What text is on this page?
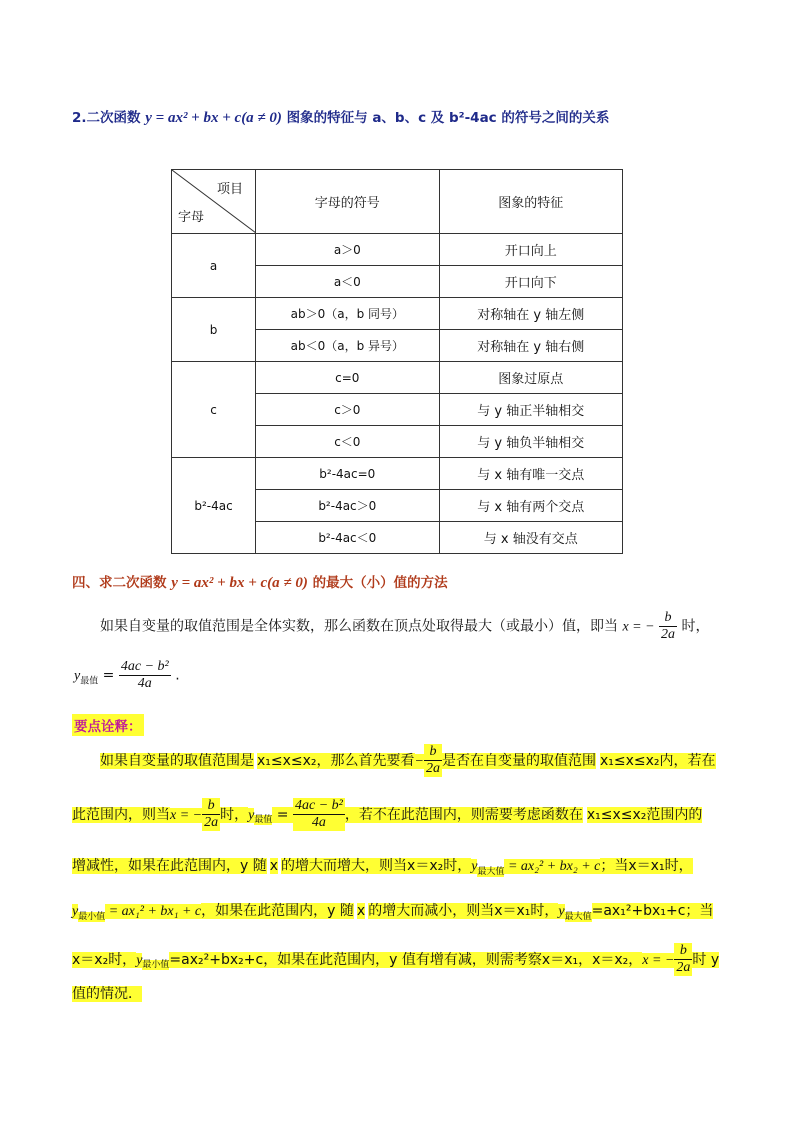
2.二次函数 y = ax² + bx + c(a ≠ 0) 图象的特征与 a、b、c 及 b²-4ac 的符号之间的关系
项目
字母	字母的符号	图象的特征
a	a＞0	开口向上
	a＜0	开口向下
b	ab＞0（a，b 同号）	对称轴在 y 轴左侧
	ab＜0（a，b 异号）	对称轴在 y 轴右侧
c	c=0	图象过原点
	c＞0	与 y 轴正半轴相交
	c＜0	与 y 轴负半轴相交
b²-4ac	b²-4ac=0	与 x 轴有唯一交点
	b²-4ac＞0	与 x 轴有两个交点
	b²-4ac＜0	与 x 轴没有交点
四、求二次函数 y = ax² + bx + c(a ≠ 0) 的最大（小）值的方法
如果自变量的取值范围是全体实数，那么函数在顶点处取得最大（或最小）值，即当 x = − $\frac{b}{2a}$ 时，
$y_{最值} = \frac{\text{4ac − b²}}{4a}$ .
要点诠释：
如果自变量的取值范围是 x₁≤x≤x₂，那么首先要看− $\frac{b}{2a}$ 是否在自变量的取值范围 x₁≤x≤x₂内，若在
此范围内，则当x = − $\frac{b}{2a}$ 时，$y_{最值} = \frac{\text{4ac − b²}}{4a}$ ，若不在此范围内，则需要考虑函数在 x₁≤x≤x₂范围内的
增减性，如果在此范围内，y 随 x 的增大而增大，则当x＝x₂时，$y_{最大值} = ax_2^2 + bx_2 + c$；当x＝x₁时，
$y_{最小值} = ax_1^2 + bx_1 + c$，如果在此范围内，y 随 x 的增大而减小，则当x＝x₁时，$y_{最大值}=ax_1^2+bx_1+c$；当
x＝x₂时，$y_{最小值}=ax_2^2+bx_2+c$，如果在此范围内，y 值有增有减，则需考察x＝x₁，x＝x₂，x = − $\frac{b}{2a}$ 时 y
值的情况．
